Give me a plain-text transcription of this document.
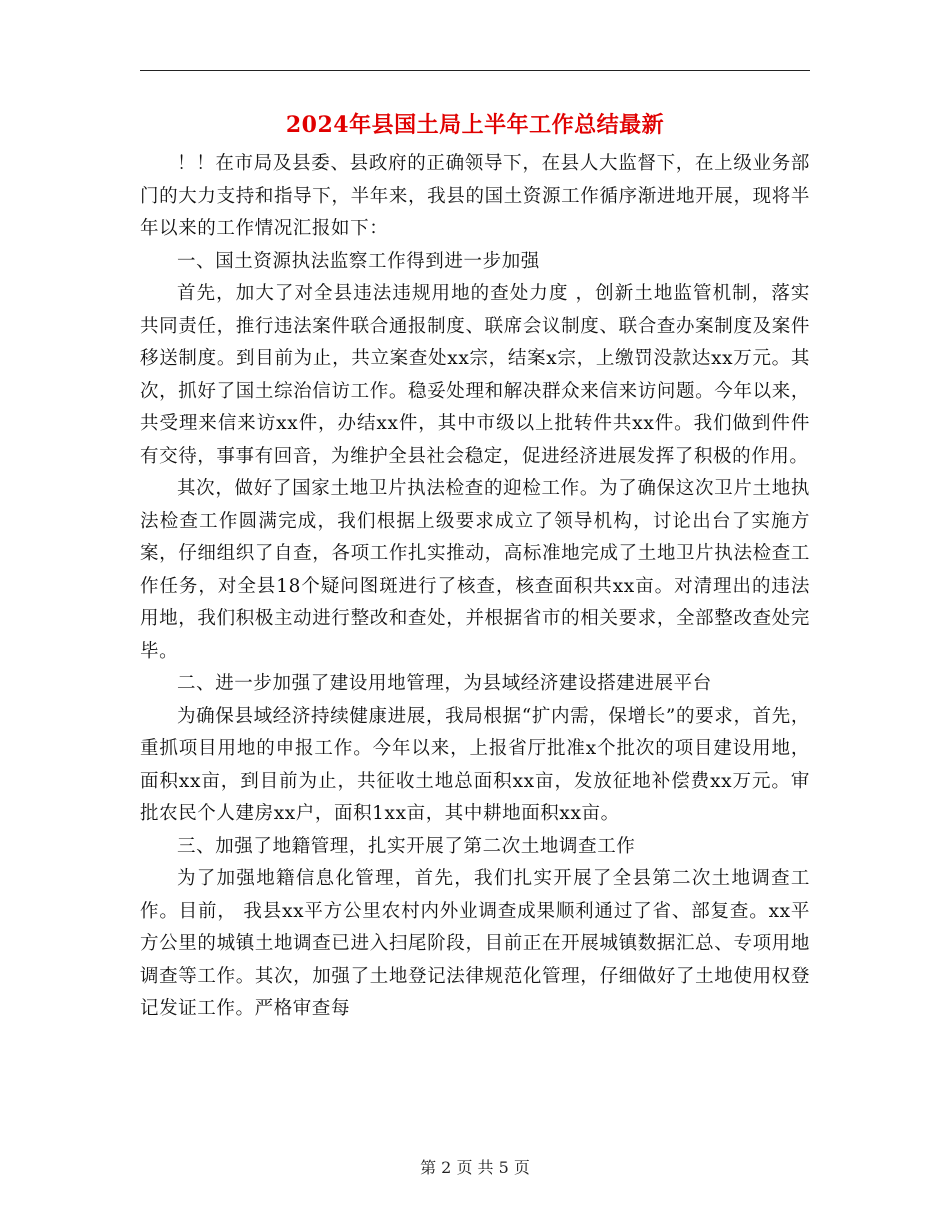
2024年县国土局上半年工作总结最新

！！在市局及县委、县政府的正确领导下，在县人大监督下，在上级业务部门的大力支持和指导下，半年来，我县的国土资源工作循序渐进地开展，现将半年以来的工作情况汇报如下：

一、国土资源执法监察工作得到进一步加强

首先，加大了对全县违法违规用地的查处力度 ，创新土地监管机制，落实共同责任，推行违法案件联合通报制度、联席会议制度、联合查办案制度及案件移送制度。到目前为止，共立案查处xx宗，结案x宗，上缴罚没款达xx万元。其次，抓好了国土综治信访工作。稳妥处理和解决群众来信来访问题。今年以来，共受理来信来访xx件，办结xx件，其中市级以上批转件共xx件。我们做到件件有交待，事事有回音，为维护全县社会稳定，促进经济进展发挥了积极的作用。

其次，做好了国家土地卫片执法检查的迎检工作。为了确保这次卫片土地执法检查工作圆满完成，我们根据上级要求成立了领导机构，讨论出台了实施方案，仔细组织了自查，各项工作扎实推动，高标准地完成了土地卫片执法检查工作任务，对全县18个疑问图斑进行了核查，核查面积共xx亩。对清理出的违法用地，我们积极主动进行整改和查处，并根据省市的相关要求，全部整改查处完毕。

二、进一步加强了建设用地管理，为县域经济建设搭建进展平台

为确保县域经济持续健康进展，我局根据“扩内需，保增长”的要求，首先，重抓项目用地的申报工作。今年以来，上报省厅批准x个批次的项目建设用地，面积xx亩，到目前为止，共征收土地总面积xx亩，发放征地补偿费xx万元。审批农民个人建房xx户，面积1xx亩，其中耕地面积xx亩。

三、加强了地籍管理，扎实开展了第二次土地调查工作

为了加强地籍信息化管理，首先，我们扎实开展了全县第二次土地调查工作。目前， 我县xx平方公里农村内外业调查成果顺利通过了省、部复查。xx平方公里的城镇土地调查已进入扫尾阶段，目前正在开展城镇数据汇总、专项用地调查等工作。其次，加强了土地登记法律规范化管理，仔细做好了土地使用权登记发证工作。严格审查每

第 2 页 共 5 页
